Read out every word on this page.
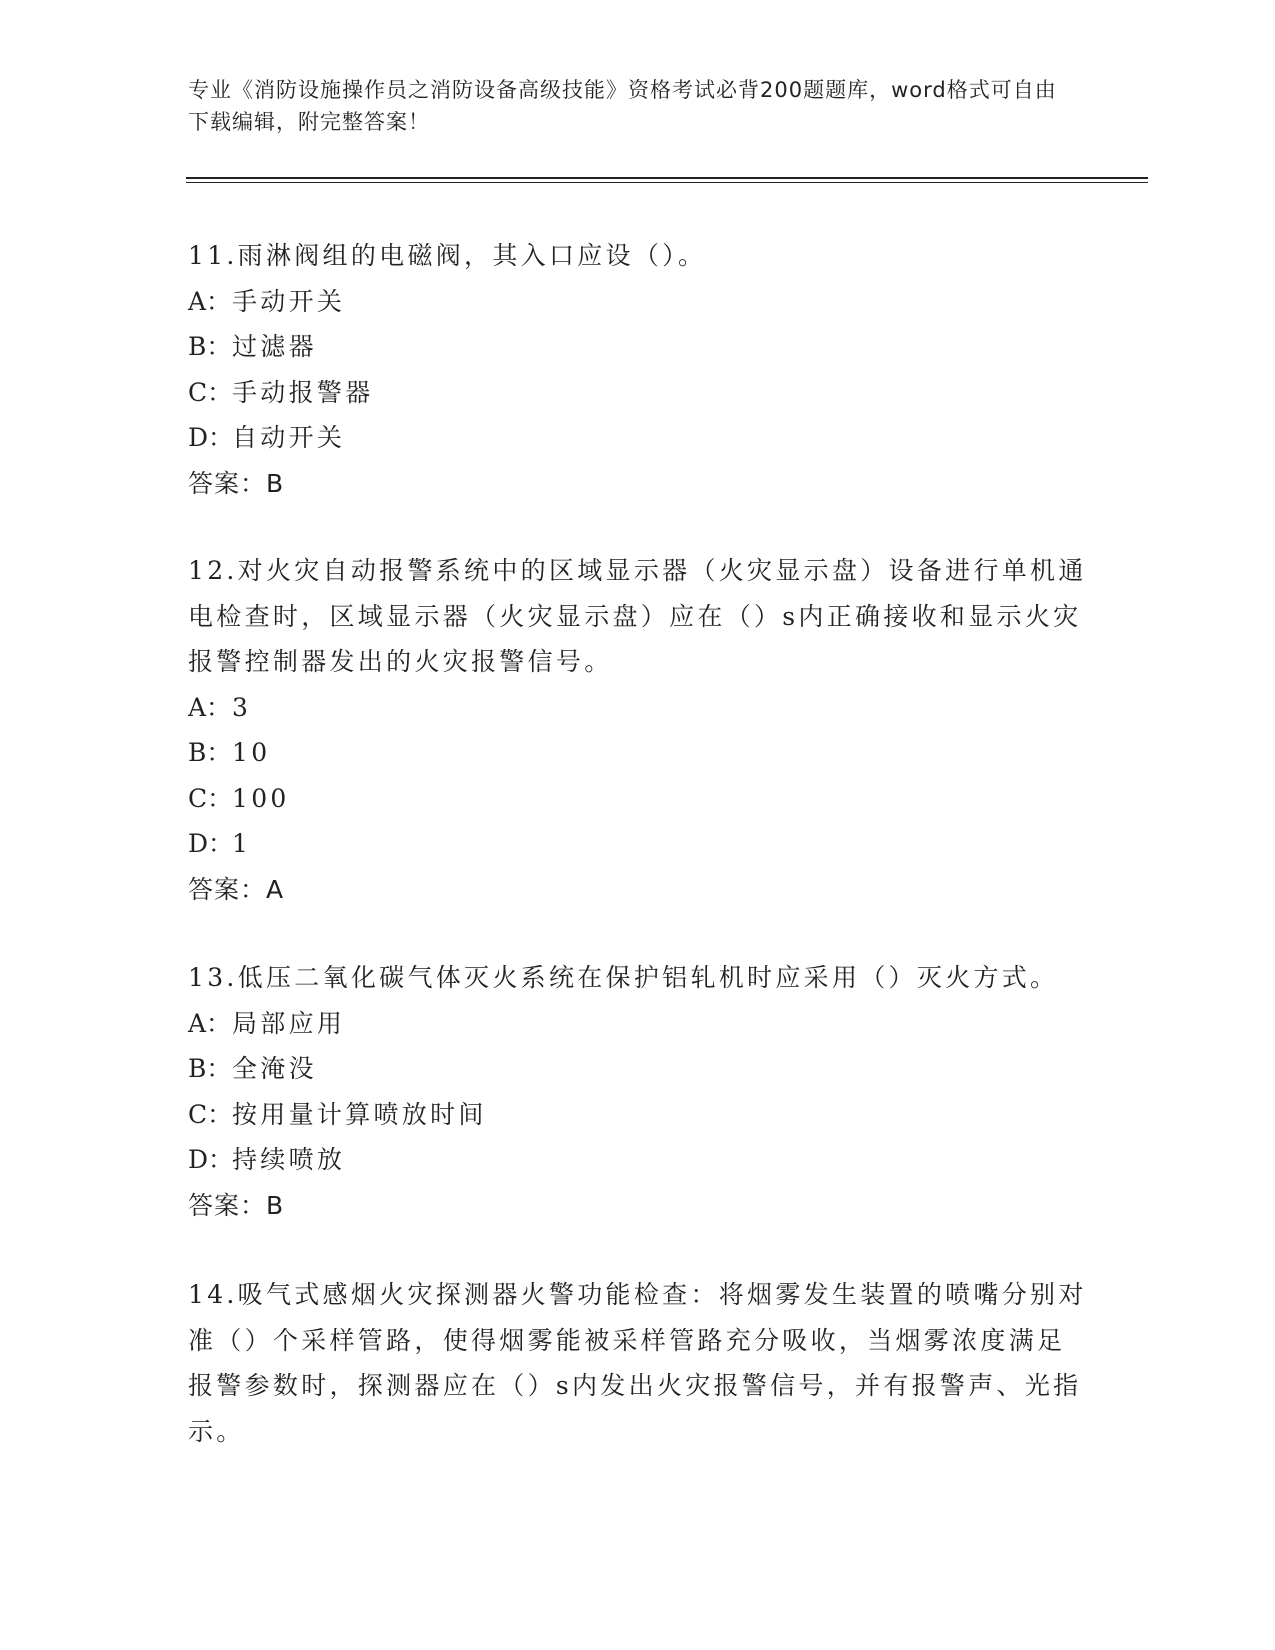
专业《消防设施操作员之消防设备高级技能》资格考试必背200题题库，word格式可自由下载编辑，附完整答案！
11.雨淋阀组的电磁阀，其入口应设（）。
A：手动开关
B：过滤器
C：手动报警器
D：自动开关
答案：B
12.对火灾自动报警系统中的区域显示器（火灾显示盘）设备进行单机通电检查时，区域显示器（火灾显示盘）应在（）s内正确接收和显示火灾报警控制器发出的火灾报警信号。
A：3
B：10
C：100
D：1
答案：A
13.低压二氧化碳气体灭火系统在保护铝轧机时应采用（）灭火方式。
A：局部应用
B：全淹没
C：按用量计算喷放时间
D：持续喷放
答案：B
14.吸气式感烟火灾探测器火警功能检查：将烟雾发生装置的喷嘴分别对准（）个采样管路，使得烟雾能被采样管路充分吸收，当烟雾浓度满足报警参数时，探测器应在（）s内发出火灾报警信号，并有报警声、光指示。
